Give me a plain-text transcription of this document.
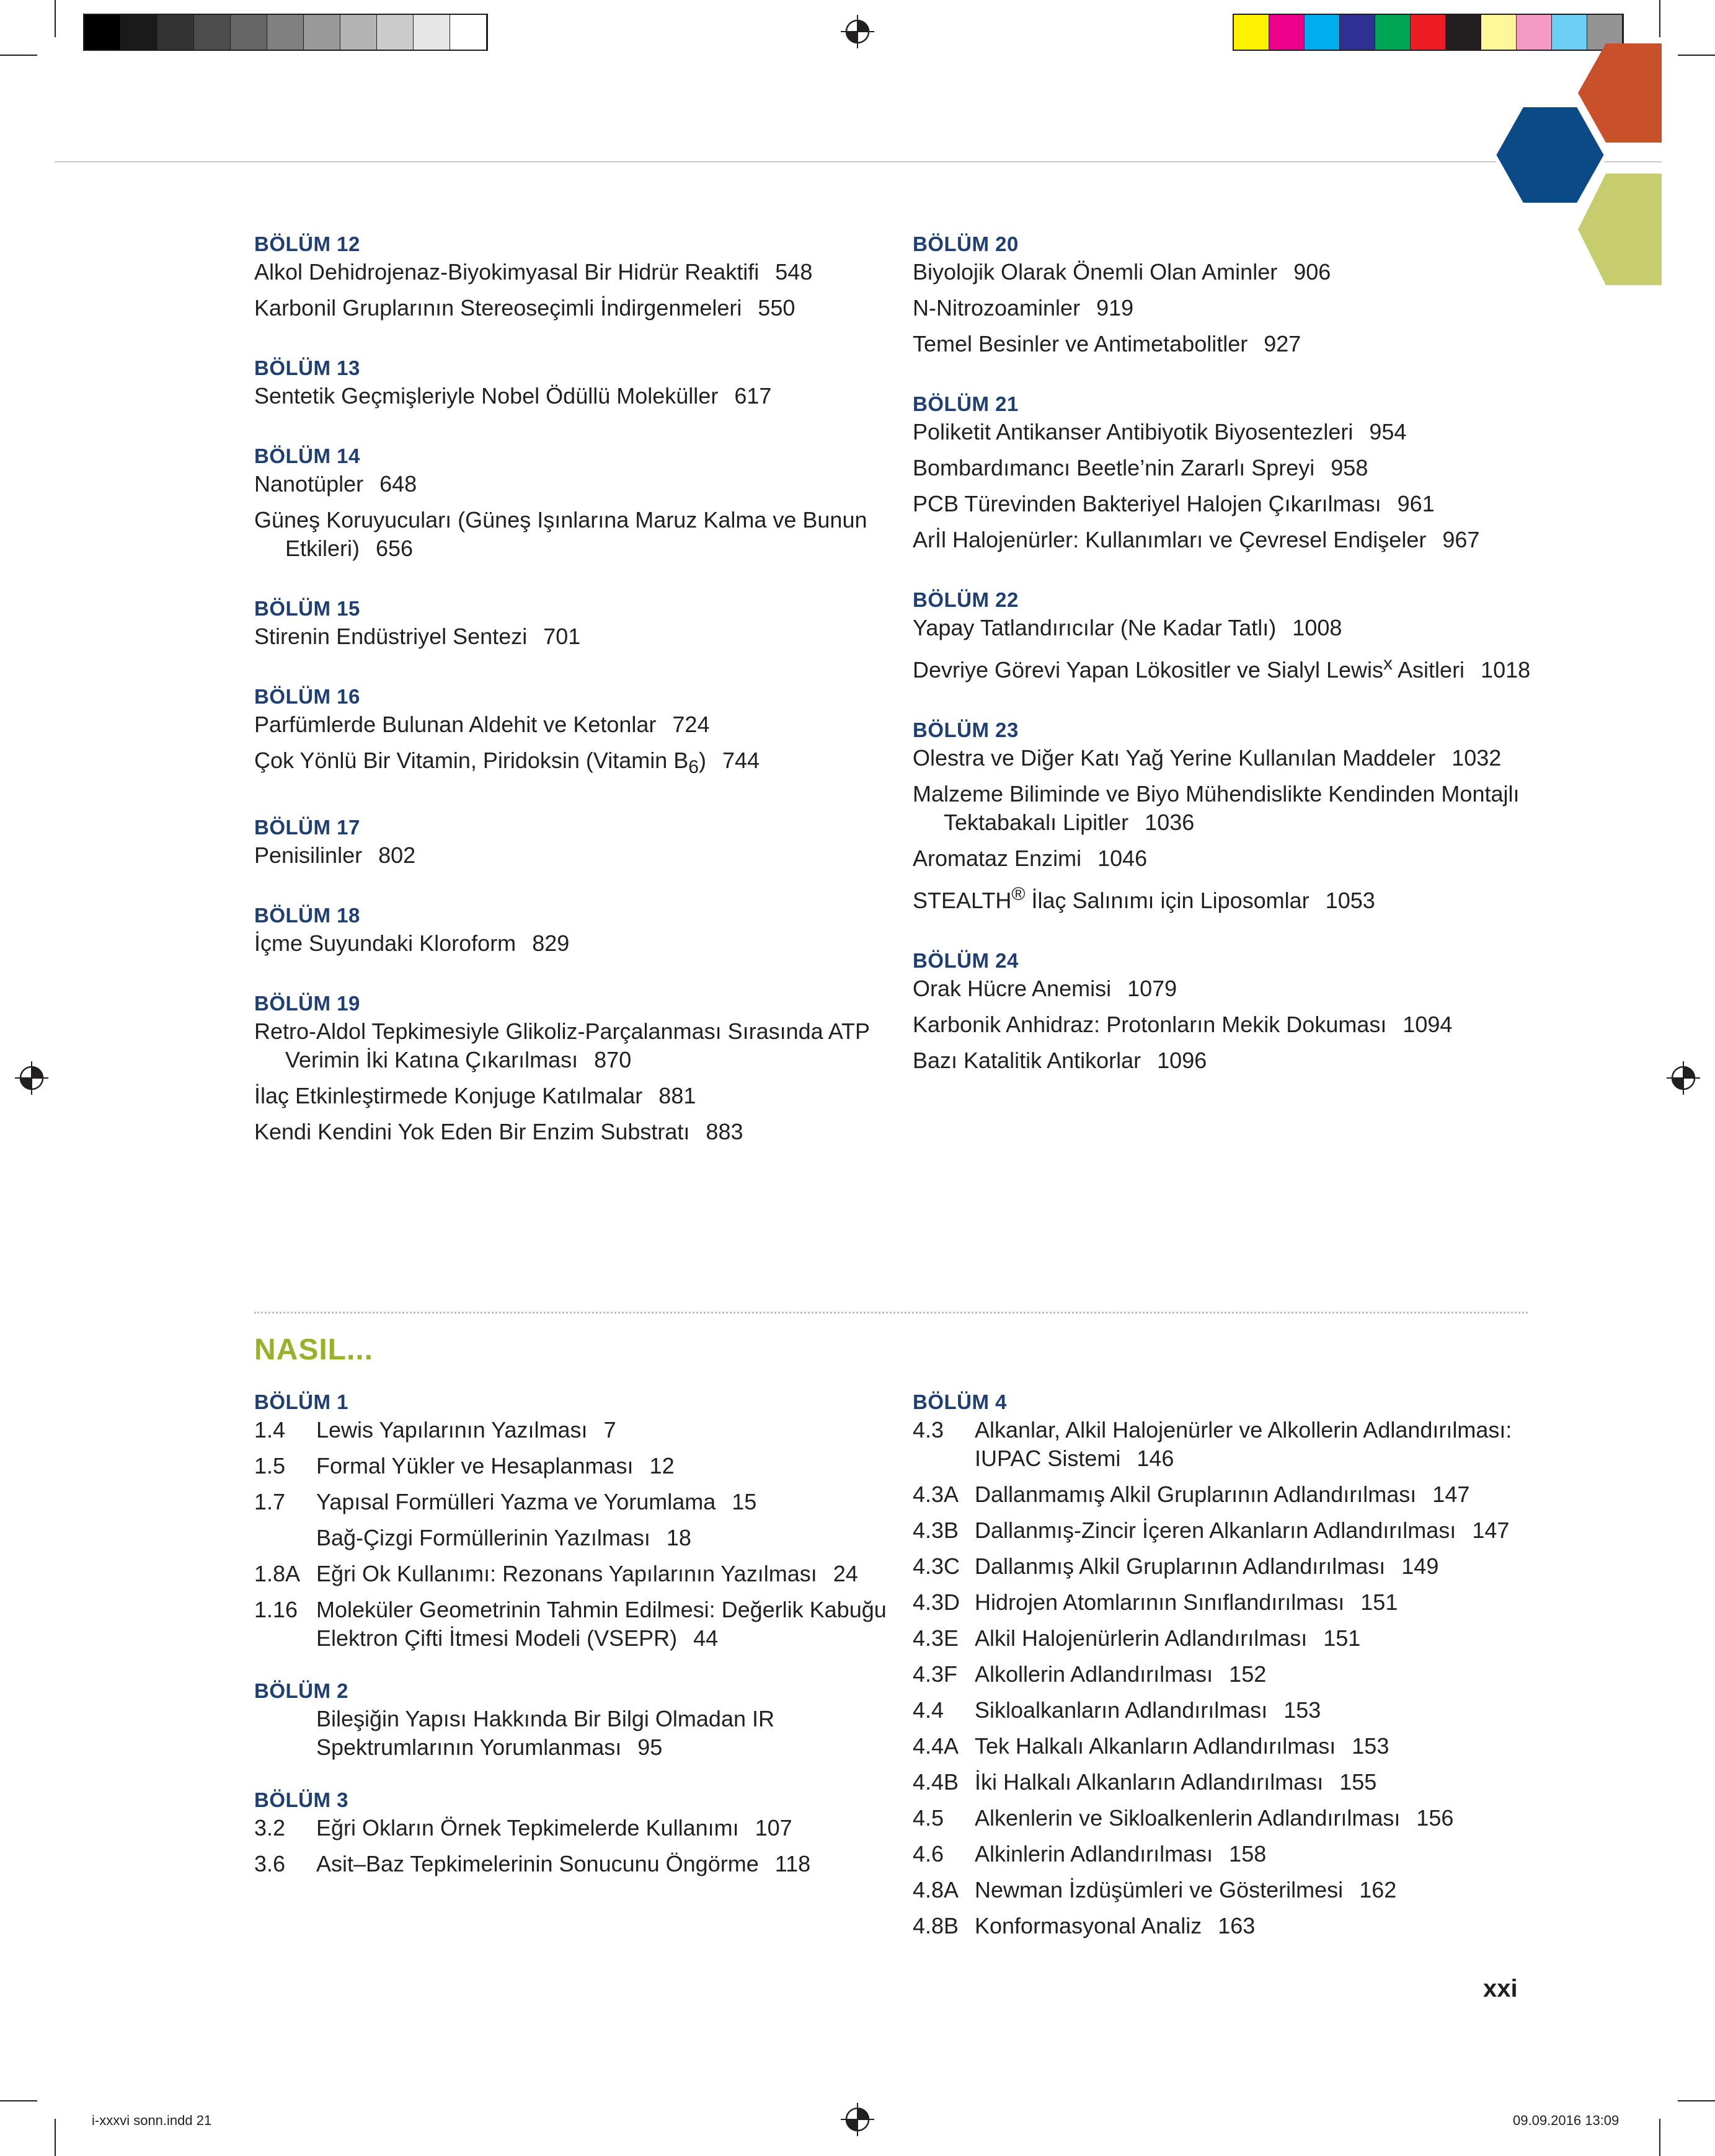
BÖLÜM 12

Alkol Dehidrojenaz-Biyokimyasal Bir Hidrür Reaktifi 548

Karbonil Gruplarının Stereoseçimli İndirgenmeleri 550

BÖLÜM 13

Sentetik Geçmişleriyle Nobel Ödüllü Moleküller 617

BÖLÜM 14

Nanotüpler 648

Güneş Koruyucuları (Güneş Işınlarına Maruz Kalma ve Bunun Etkileri) 656

BÖLÜM 15

Stirenin Endüstriyel Sentezi 701

BÖLÜM 16

Parfümlerde Bulunan Aldehit ve Ketonlar 724

Çok Yönlü Bir Vitamin, Piridoksin (Vitamin $B_6$) 744

BÖLÜM 17

Penisilinler 802

BÖLÜM 18

İçme Suyundaki Kloroform 829

BÖLÜM 19

Retro-Aldol Tepkimesiyle Glikoliz-Parçalanması Sırasında ATP Verimin İki Katına Çıkarılması 870

İlaç Etkinleştirmede Konjuge Katılmalar 881

Kendi Kendini Yok Eden Bir Enzim Substratı 883

BÖLÜM 20

Biyolojik Olarak Önemli Olan Aminler 906

N-Nitrozoaminler 919

Temel Besinler ve Antimetabolitler 927

BÖLÜM 21

Poliketit Antikanser Antibiyotik Biyosentezleri 954

Bombardımancı Beetle’nin Zararlı Spreyi 958

PCB Türevinden Bakteriyel Halojen Çıkarılması 961

Arİl Halojenürler: Kullanımları ve Çevresel Endişeler 967

BÖLÜM 22

Yapay Tatlandırıcılar (Ne Kadar Tatlı) 1008

Devriye Görevi Yapan Lökositler ve Sialyl Lewis$^x$ Asitleri 1018

BÖLÜM 23

Olestra ve Diğer Katı Yağ Yerine Kullanılan Maddeler 1032

Malzeme Biliminde ve Biyo Mühendislikte Kendinden Montajlı Tektabakalı Lipitler 1036

Aromataz Enzimi 1046

STEALTH® İlaç Salınımı için Liposomlar 1053

BÖLÜM 24

Orak Hücre Anemisi 1079

Karbonik Anhidraz: Protonların Mekik Dokuması 1094

Bazı Katalitik Antikorlar 1096

NASIL...

BÖLÜM 1

1.4	Lewis Yapılarının Yazılması 7
1.5	Formal Yükler ve Hesaplanması 12
1.7	Yapısal Formülleri Yazma ve Yorumlama 15
Bağ-Çizgi Formüllerinin Yazılması 18
1.8A Eğri Ok Kullanımı: Rezonans Yapılarının Yazılması 24
1.16 Moleküler Geometrinin Tahmin Edilmesi: Değerlik Kabuğu Elektron Çifti İtmesi Modeli (VSEPR) 44

BÖLÜM 2

Bileşiğin Yapısı Hakkında Bir Bilgi Olmadan IR Spektrumlarının Yorumlanması 95

BÖLÜM 3

3.2	Eğri Okların Örnek Tepkimelerde Kullanımı 107
3.6	Asit–Baz Tepkimelerinin Sonucunu Öngörme 118

BÖLÜM 4

4.3	Alkanlar, Alkil Halojenürler ve Alkollerin Adlandırılması: IUPAC Sistemi 146
4.3A Dallanmamış Alkil Gruplarının Adlandırılması 147
4.3B Dallanmış-Zincir İçeren Alkanların Adlandırılması 147
4.3C Dallanmış Alkil Gruplarının Adlandırılması 149
4.3D Hidrojen Atomlarının Sınıflandırılması 151
4.3E Alkil Halojenürlerin Adlandırılması 151
4.3F Alkollerin Adlandırılması 152
4.4	Sikloalkanların Adlandırılması 153
4.4A Tek Halkalı Alkanların Adlandırılması 153
4.4B İki Halkalı Alkanların Adlandırılması 155
4.5	Alkenlerin ve Sikloalkenlerin Adlandırılması 156
4.6	Alkinlerin Adlandırılması 158
4.8A Newman İzdüşümleri ve Gösterilmesi 162
4.8B Konformasyonal Analiz 163
xxi
i-xxxvi sonn.indd 21	09.09.2016 13:09
